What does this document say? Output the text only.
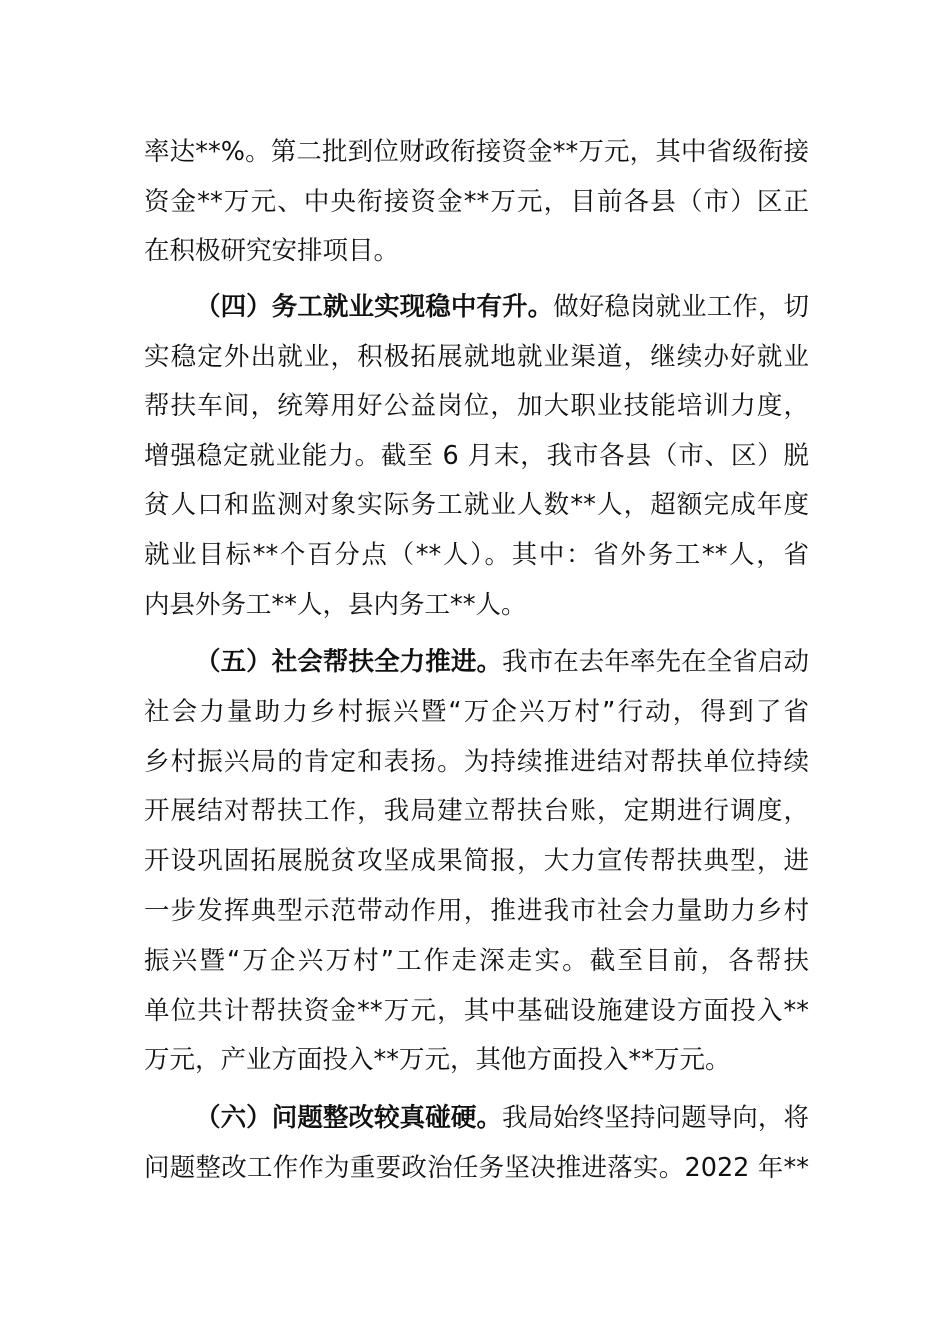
率达**%。第二批到位财政衔接资金**万元，其中省级衔接
资金**万元、中央衔接资金**万元，目前各县（市）区正
在积极研究安排项目。
（四）务工就业实现稳中有升。做好稳岗就业工作，切
实稳定外出就业，积极拓展就地就业渠道，继续办好就业
帮扶车间，统筹用好公益岗位，加大职业技能培训力度，
增强稳定就业能力。截至 6 月末，我市各县（市、区）脱
贫人口和监测对象实际务工就业人数**人，超额完成年度
就业目标**个百分点（**人）。其中：省外务工**人，省
内县外务工**人，县内务工**人。
（五）社会帮扶全力推进。我市在去年率先在全省启动
社会力量助力乡村振兴暨“万企兴万村”行动，得到了省
乡村振兴局的肯定和表扬。为持续推进结对帮扶单位持续
开展结对帮扶工作，我局建立帮扶台账，定期进行调度，
开设巩固拓展脱贫攻坚成果简报，大力宣传帮扶典型，进
一步发挥典型示范带动作用，推进我市社会力量助力乡村
振兴暨“万企兴万村”工作走深走实。截至目前，各帮扶
单位共计帮扶资金**万元，其中基础设施建设方面投入**
万元，产业方面投入**万元，其他方面投入**万元。
（六）问题整改较真碰硬。我局始终坚持问题导向，将
问题整改工作作为重要政治任务坚决推进落实。2022 年**
